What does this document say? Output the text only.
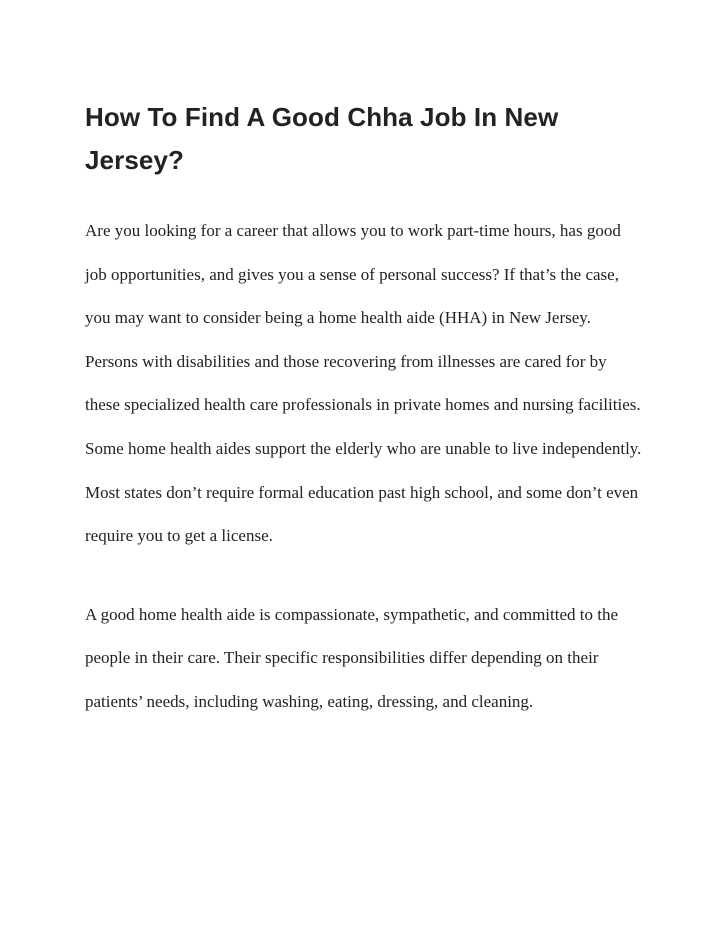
How To Find A Good Chha Job In New Jersey?

Are you looking for a career that allows you to work part-time hours, has good job opportunities, and gives you a sense of personal success? If that’s the case, you may want to consider being a home health aide (HHA) in New Jersey. Persons with disabilities and those recovering from illnesses are cared for by these specialized health care professionals in private homes and nursing facilities. Some home health aides support the elderly who are unable to live independently. Most states don’t require formal education past high school, and some don’t even require you to get a license.

A good home health aide is compassionate, sympathetic, and committed to the people in their care. Their specific responsibilities differ depending on their patients’ needs, including washing, eating, dressing, and cleaning.
